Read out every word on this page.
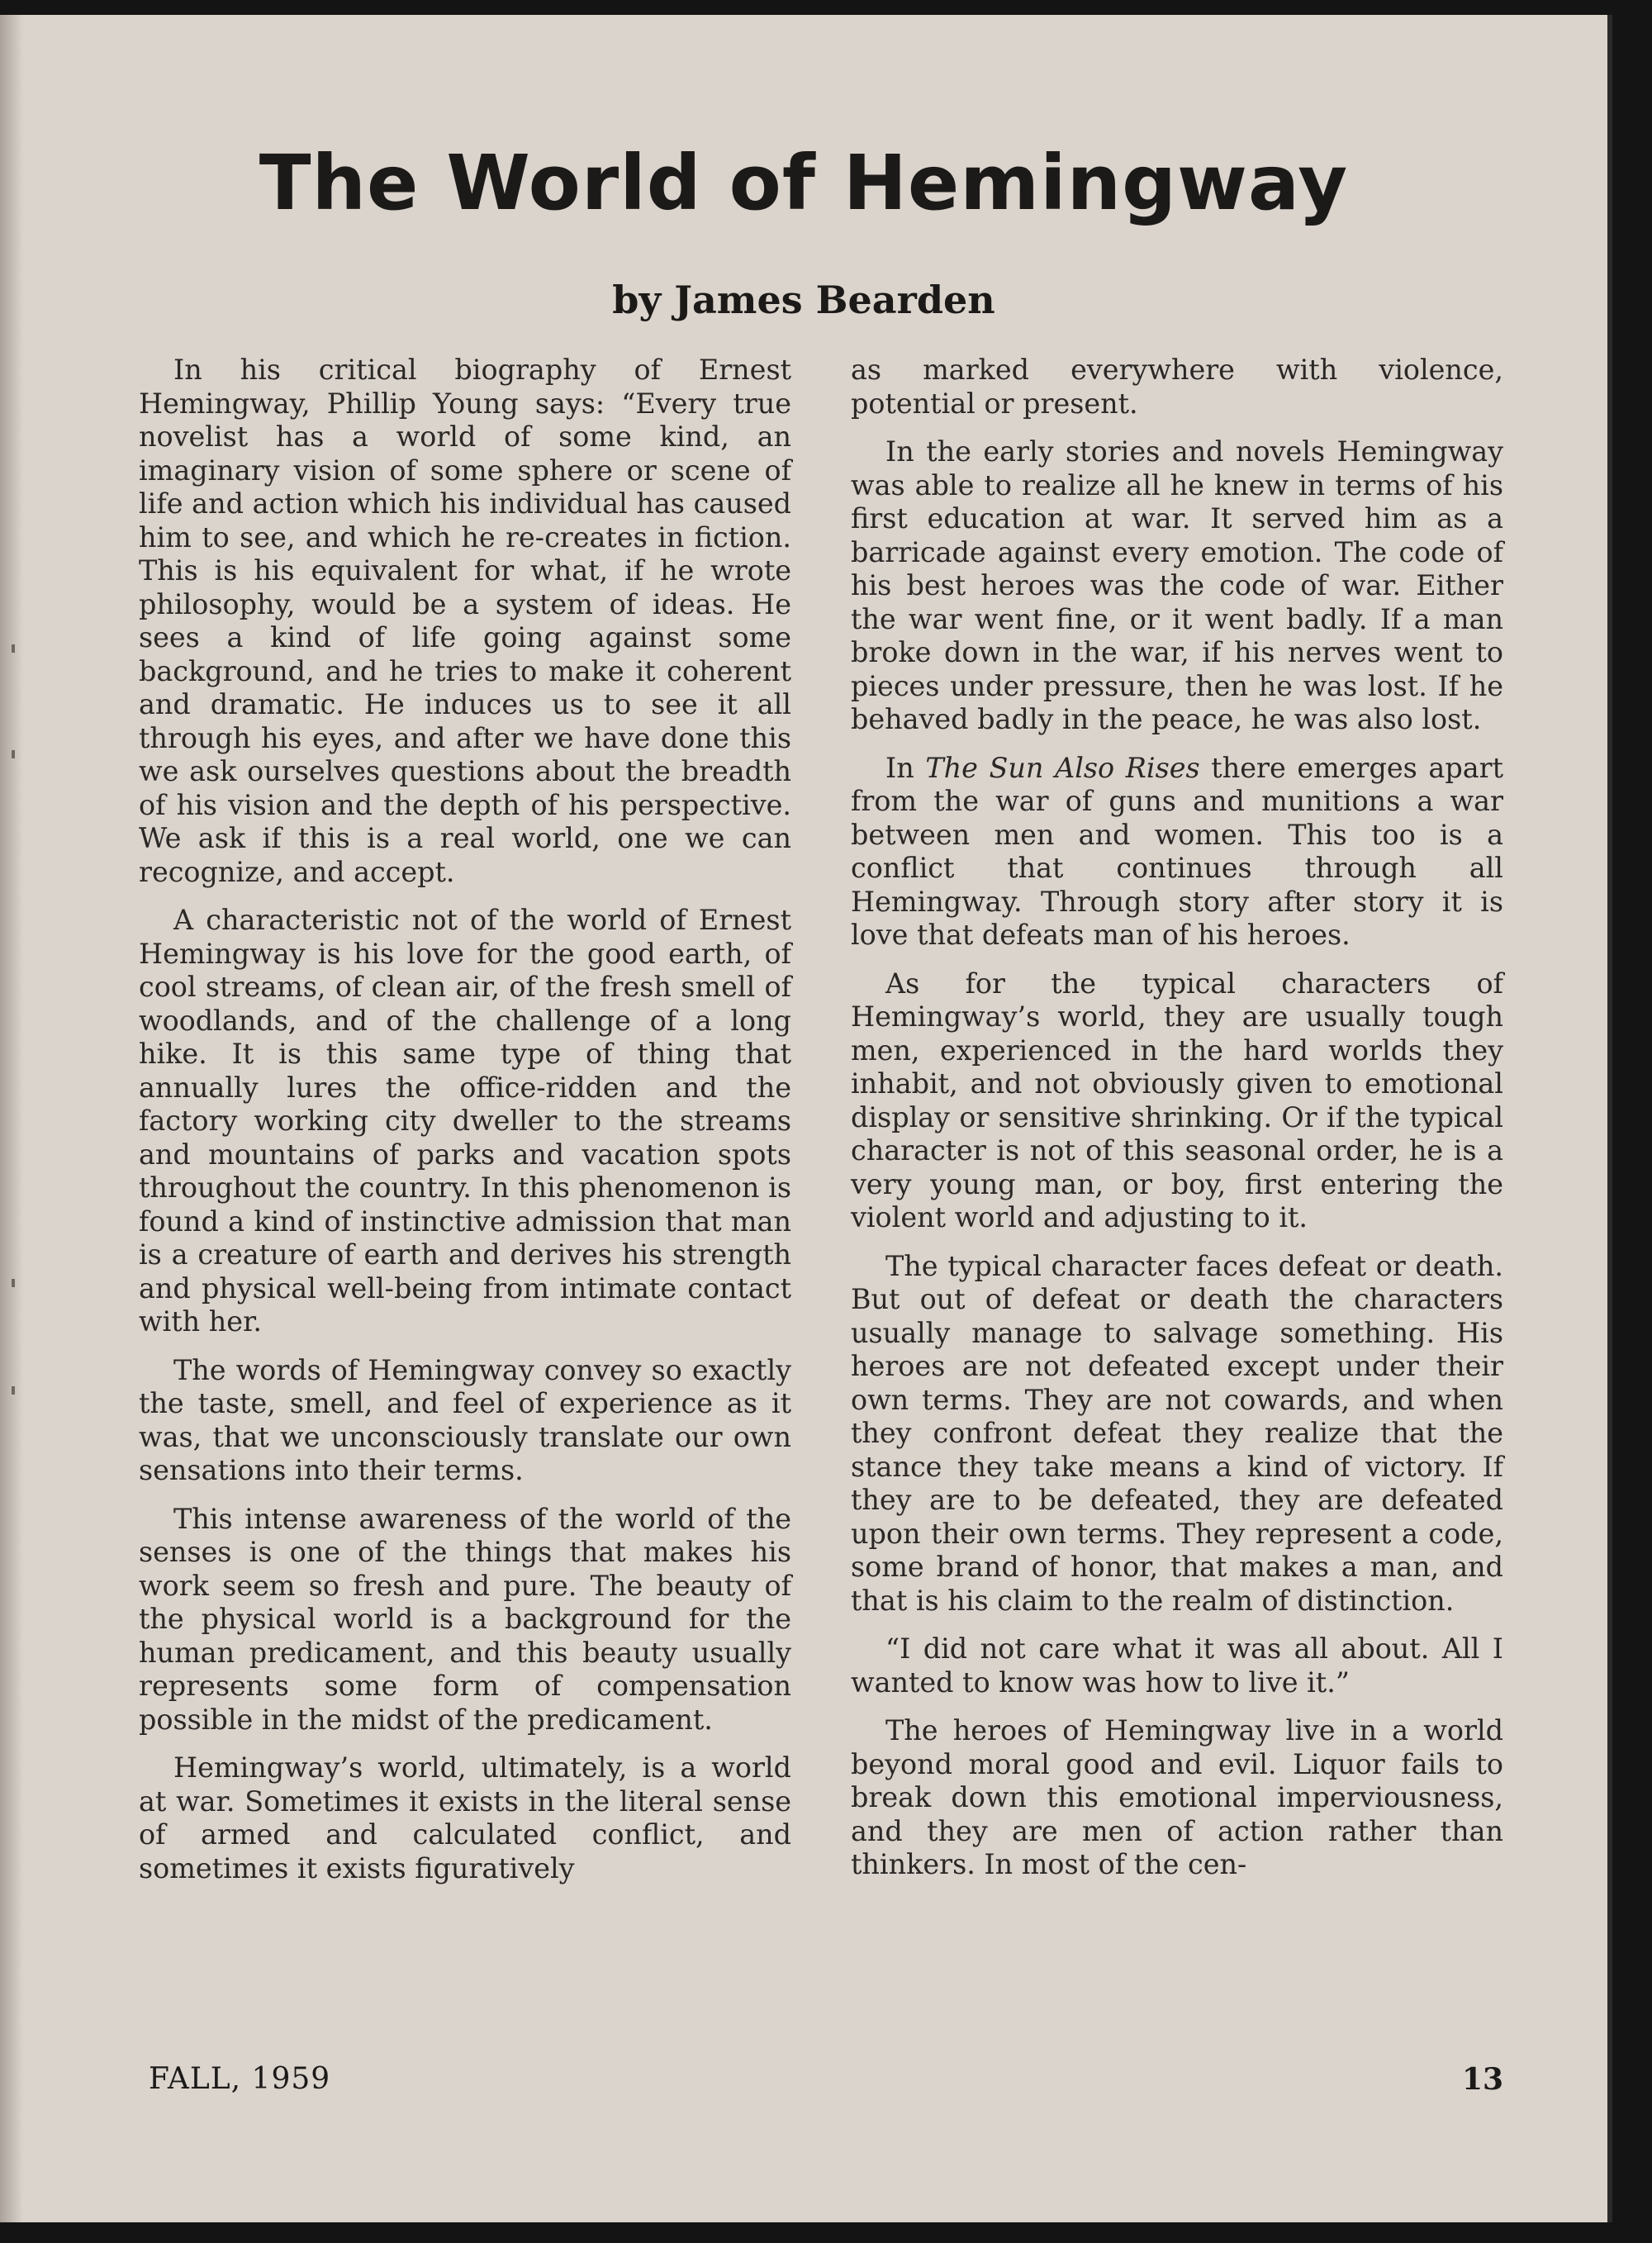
The World of Hemingway
by James Bearden

In his critical biography of Ernest Hemingway, Phillip Young says: “Every true novelist has a world of some kind, an imaginary vision of some sphere or scene of life and action which his individual has caused him to see, and which he re-creates in fiction. This is his equivalent for what, if he wrote philosophy, would be a system of ideas. He sees a kind of life going against some background, and he tries to make it coherent and dramatic. He induces us to see it all through his eyes, and after we have done this we ask ourselves questions about the breadth of his vision and the depth of his perspective. We ask if this is a real world, one we can recognize, and accept.

A characteristic not of the world of Ernest Hemingway is his love for the good earth, of cool streams, of clean air, of the fresh smell of woodlands, and of the challenge of a long hike. It is this same type of thing that annually lures the office-ridden and the factory working city dweller to the streams and mountains of parks and vacation spots throughout the country. In this phenomenon is found a kind of instinctive admission that man is a creature of earth and derives his strength and physical well-being from intimate contact with her.

The words of Hemingway convey so exactly the taste, smell, and feel of experience as it was, that we unconsciously translate our own sensations into their terms.

This intense awareness of the world of the senses is one of the things that makes his work seem so fresh and pure. The beauty of the physical world is a background for the human predicament, and this beauty usually represents some form of compensation possible in the midst of the predicament.

Hemingway’s world, ultimately, is a world at war. Sometimes it exists in the literal sense of armed and calculated conflict, and sometimes it exists figuratively

as marked everywhere with violence, potential or present.

In the early stories and novels Hemingway was able to realize all he knew in terms of his first education at war. It served him as a barricade against every emotion. The code of his best heroes was the code of war. Either the war went fine, or it went badly. If a man broke down in the war, if his nerves went to pieces under pressure, then he was lost. If he behaved badly in the peace, he was also lost.

In The Sun Also Rises there emerges apart from the war of guns and munitions a war between men and women. This too is a conflict that continues through all Hemingway. Through story after story it is love that defeats man of his heroes.

As for the typical characters of Hemingway’s world, they are usually tough men, experienced in the hard worlds they inhabit, and not obviously given to emotional display or sensitive shrinking. Or if the typical character is not of this seasonal order, he is a very young man, or boy, first entering the violent world and adjusting to it.

The typical character faces defeat or death. But out of defeat or death the characters usually manage to salvage something. His heroes are not defeated except under their own terms. They are not cowards, and when they confront defeat they realize that the stance they take means a kind of victory. If they are to be defeated, they are defeated upon their own terms. They represent a code, some brand of honor, that makes a man, and that is his claim to the realm of distinction.

“I did not care what it was all about. All I wanted to know was how to live it.”

The heroes of Hemingway live in a world beyond moral good and evil. Liquor fails to break down this emotional imperviousness, and they are men of action rather than thinkers. In most of the cen-

FALL, 1959	13
